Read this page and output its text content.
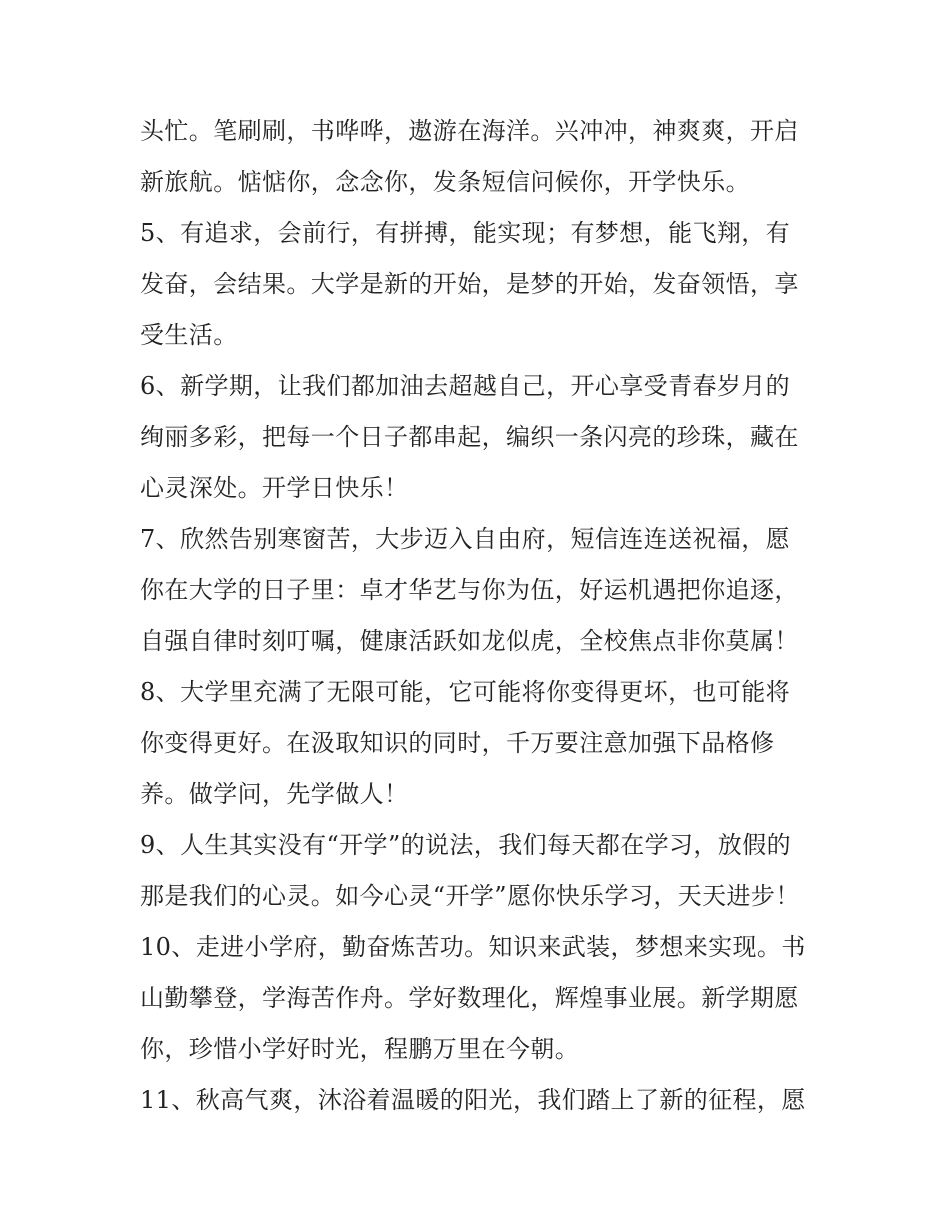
头忙。笔刷刷，书哗哗，遨游在海洋。兴冲冲，神爽爽，开启
新旅航。惦惦你，念念你，发条短信问候你，开学快乐。
5、有追求，会前行，有拼搏，能实现；有梦想，能飞翔，有
发奋，会结果。大学是新的开始，是梦的开始，发奋领悟，享
受生活。
6、新学期，让我们都加油去超越自己，开心享受青春岁月的
绚丽多彩，把每一个日子都串起，编织一条闪亮的珍珠，藏在
心灵深处。开学日快乐！
7、欣然告别寒窗苦，大步迈入自由府，短信连连送祝福，愿
你在大学的日子里：卓才华艺与你为伍，好运机遇把你追逐，
自强自律时刻叮嘱，健康活跃如龙似虎，全校焦点非你莫属！
8、大学里充满了无限可能，它可能将你变得更坏，也可能将
你变得更好。在汲取知识的同时，千万要注意加强下品格修
养。做学问，先学做人！
9、人生其实没有“开学”的说法，我们每天都在学习，放假的
那是我们的心灵。如今心灵“开学”愿你快乐学习，天天进步！
10、走进小学府，勤奋炼苦功。知识来武装，梦想来实现。书
山勤攀登，学海苦作舟。学好数理化，辉煌事业展。新学期愿
你，珍惜小学好时光，程鹏万里在今朝。
11、秋高气爽，沐浴着温暖的阳光，我们踏上了新的征程，愿
